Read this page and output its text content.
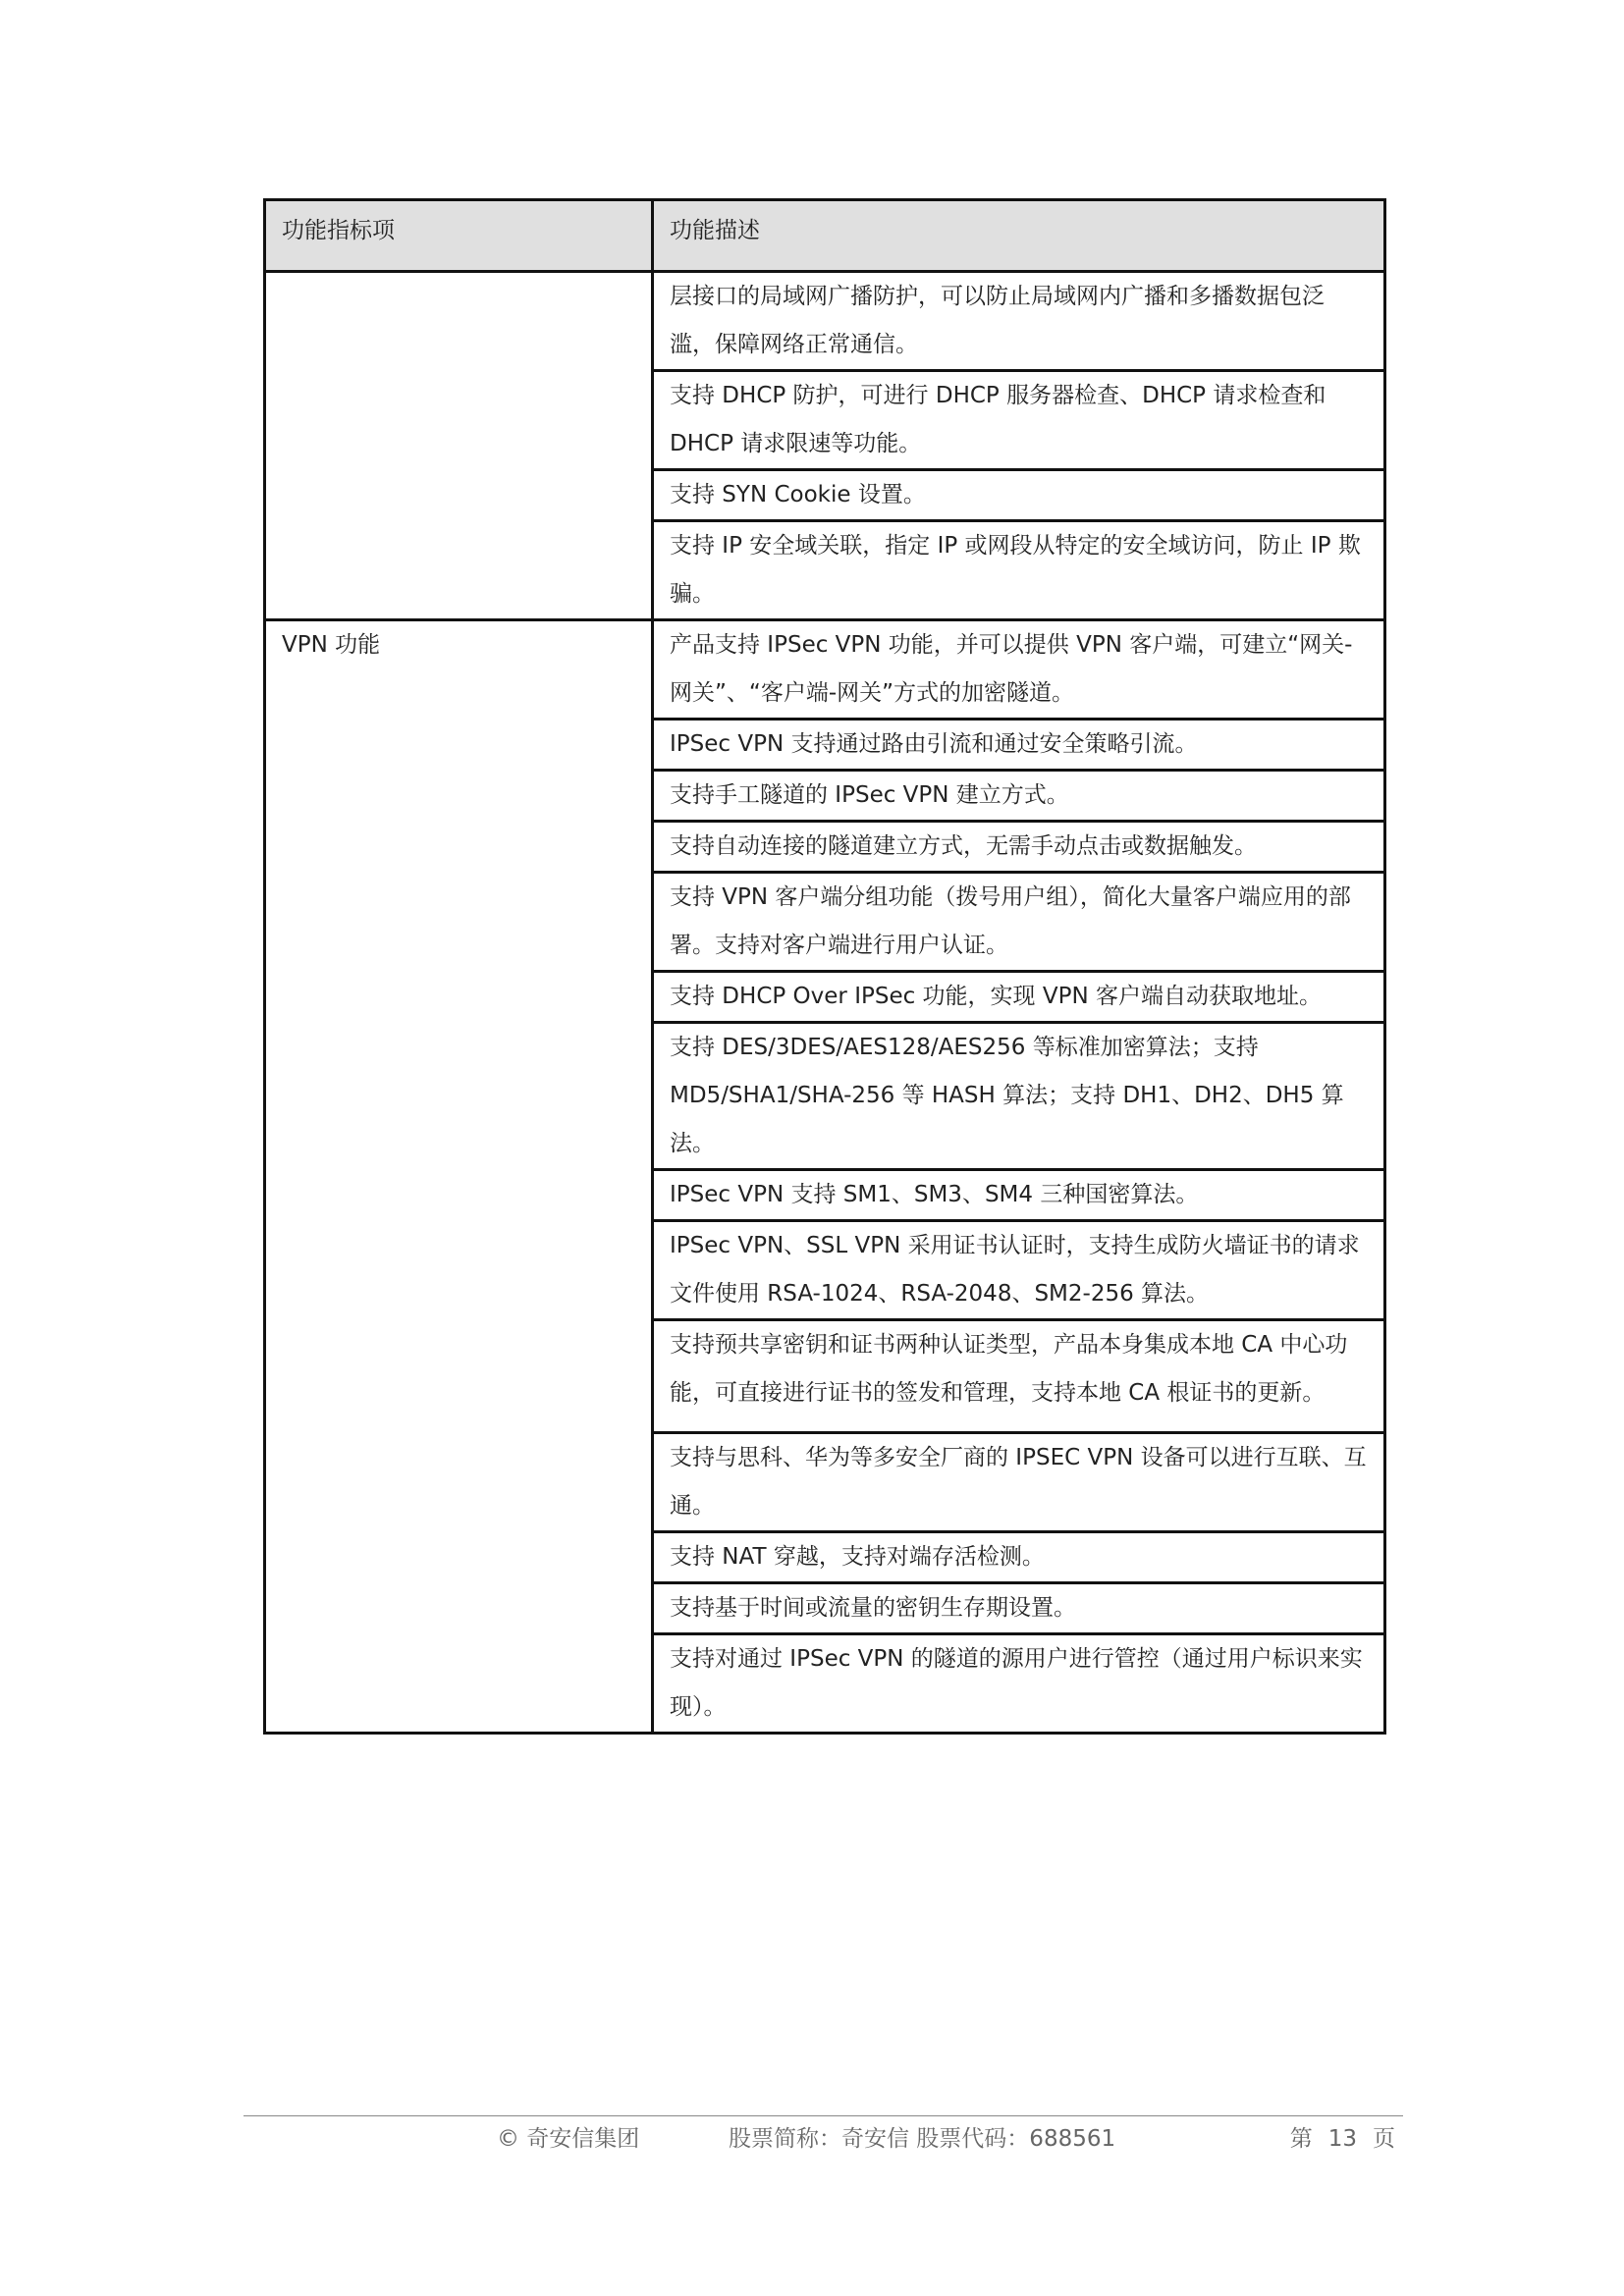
功能指标项	功能描述
	层接口的局域网广播防护，可以防止局域网内广播和多播数据包泛滥，保障网络正常通信。
	支持 DHCP 防护，可进行 DHCP 服务器检查、DHCP 请求检查和 DHCP 请求限速等功能。
	支持 SYN Cookie 设置。
	支持 IP 安全域关联，指定 IP 或网段从特定的安全域访问，防止 IP 欺骗。
VPN 功能	产品支持 IPSec VPN 功能，并可以提供 VPN 客户端，可建立“网关-网关”、“客户端-网关”方式的加密隧道。
	IPSec VPN 支持通过路由引流和通过安全策略引流。
	支持手工隧道的 IPSec VPN 建立方式。
	支持自动连接的隧道建立方式，无需手动点击或数据触发。
	支持 VPN 客户端分组功能（拨号用户组），简化大量客户端应用的部署。支持对客户端进行用户认证。
	支持 DHCP Over IPSec 功能，实现 VPN 客户端自动获取地址。
	支持 DES/3DES/AES128/AES256 等标准加密算法；支持 MD5/SHA1/SHA-256 等 HASH 算法；支持 DH1、DH2、DH5 算法。
	IPSec VPN 支持 SM1、SM3、SM4 三种国密算法。
	IPSec VPN、SSL VPN 采用证书认证时，支持生成防火墙证书的请求文件使用 RSA-1024、RSA-2048、SM2-256 算法。
	支持预共享密钥和证书两种认证类型，产品本身集成本地 CA 中心功能，可直接进行证书的签发和管理，支持本地 CA 根证书的更新。
	支持与思科、华为等多安全厂商的 IPSEC VPN 设备可以进行互联、互通。
	支持 NAT 穿越，支持对端存活检测。
	支持基于时间或流量的密钥生存期设置。
	支持对通过 IPSec VPN 的隧道的源用户进行管控（通过用户标识来实现）。
© 奇安信集团	股票简称：奇安信 股票代码：688561	第 13 页
